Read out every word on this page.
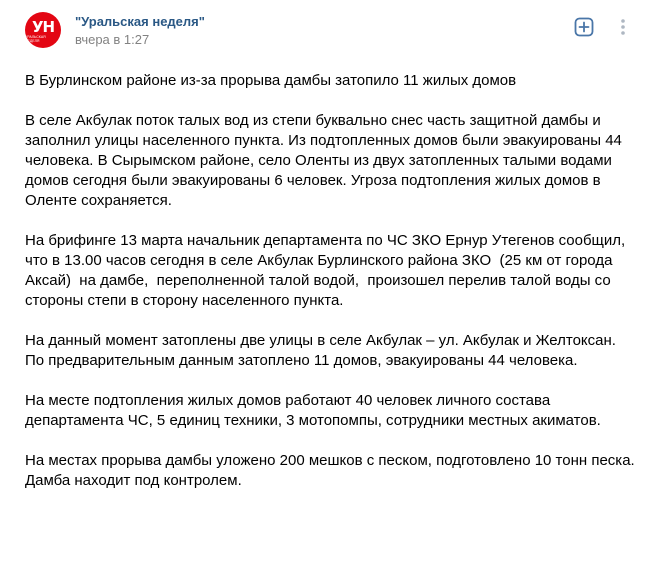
УН
УРАЛЬСКАЯ НЕДЕЛЯ
"Уральская неделя"
вчера в 1:27

В Бурлинском районе из-за прорыва дамбы затопило 11 жилых домов

В селе Акбулак поток талых вод из степи буквально снес часть защитной дамбы и заполнил улицы населенного пункта. Из подтопленных домов были эвакуированы 44 человека. В Сырымском районе, село Оленты из двух затопленных талыми водами домов сегодня были эвакуированы 6 человек. Угроза подтопления жилых домов в Оленте сохраняется.

На брифинге 13 марта начальник департамента по ЧС ЗКО Ернур Утегенов сообщил, что в 13.00 часов сегодня в селе Акбулак Бурлинского района ЗКО  (25 км от города Аксай)  на дамбе,  переполненной талой водой,  произошел перелив талой воды со стороны степи в сторону населенного пункта.

На данный момент затоплены две улицы в селе Акбулак – ул. Акбулак и Желтоксан. По предварительным данным затоплено 11 домов, эвакуированы 44 человека.

На месте подтопления жилых домов работают 40 человек личного состава департамента ЧС, 5 единиц техники, 3 мотопомпы, сотрудники местных акиматов.

На местах прорыва дамбы уложено 200 мешков с песком, подготовлено 10 тонн песка. Дамба находит под контролем.
